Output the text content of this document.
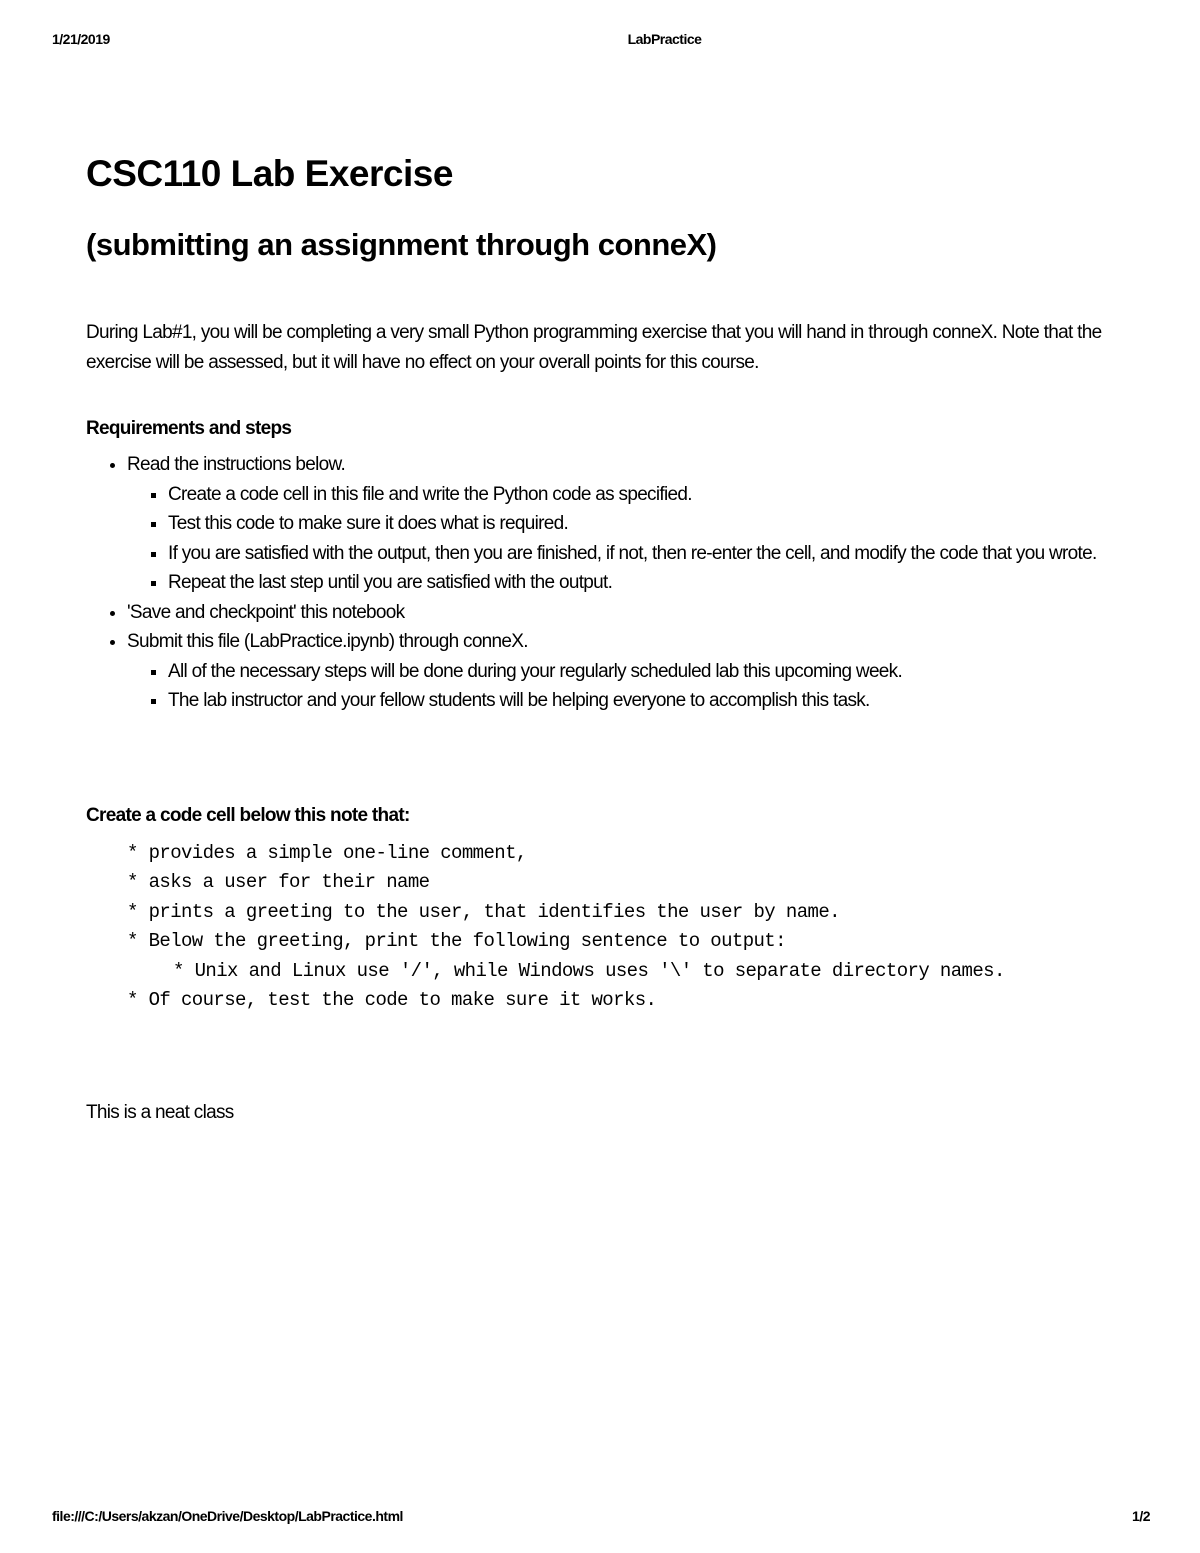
1/21/2019	LabPractice
CSC110 Lab Exercise
(submitting an assignment through conneX)

During Lab#1, you will be completing a very small Python programming exercise that you will hand in through conneX. Note that the exercise will be assessed, but it will have no effect on your overall points for this course.

Requirements and steps
• Read the instructions below.
▪ Create a code cell in this file and write the Python code as specified.
▪ Test this code to make sure it does what is required.
▪ If you are satisfied with the output, then you are finished, if not, then re-enter the cell, and modify the code that you wrote.
▪ Repeat the last step until you are satisfied with the output.
• 'Save and checkpoint' this notebook
• Submit this file (LabPractice.ipynb) through conneX.
▪ All of the necessary steps will be done during your regularly scheduled lab this upcoming week.
▪ The lab instructor and your fellow students will be helping everyone to accomplish this task.
Create a code cell below this note that:
* provides a simple one-line comment,
* asks a user for their name
* prints a greeting to the user, that identifies the user by name.
* Below the greeting, print the following sentence to output:
* Unix and Linux use '/', while Windows uses '\' to separate directory names.
* Of course, test the code to make sure it works.

This is a neat class

file:///C:/Users/akzan/OneDrive/Desktop/LabPractice.html	1/2
